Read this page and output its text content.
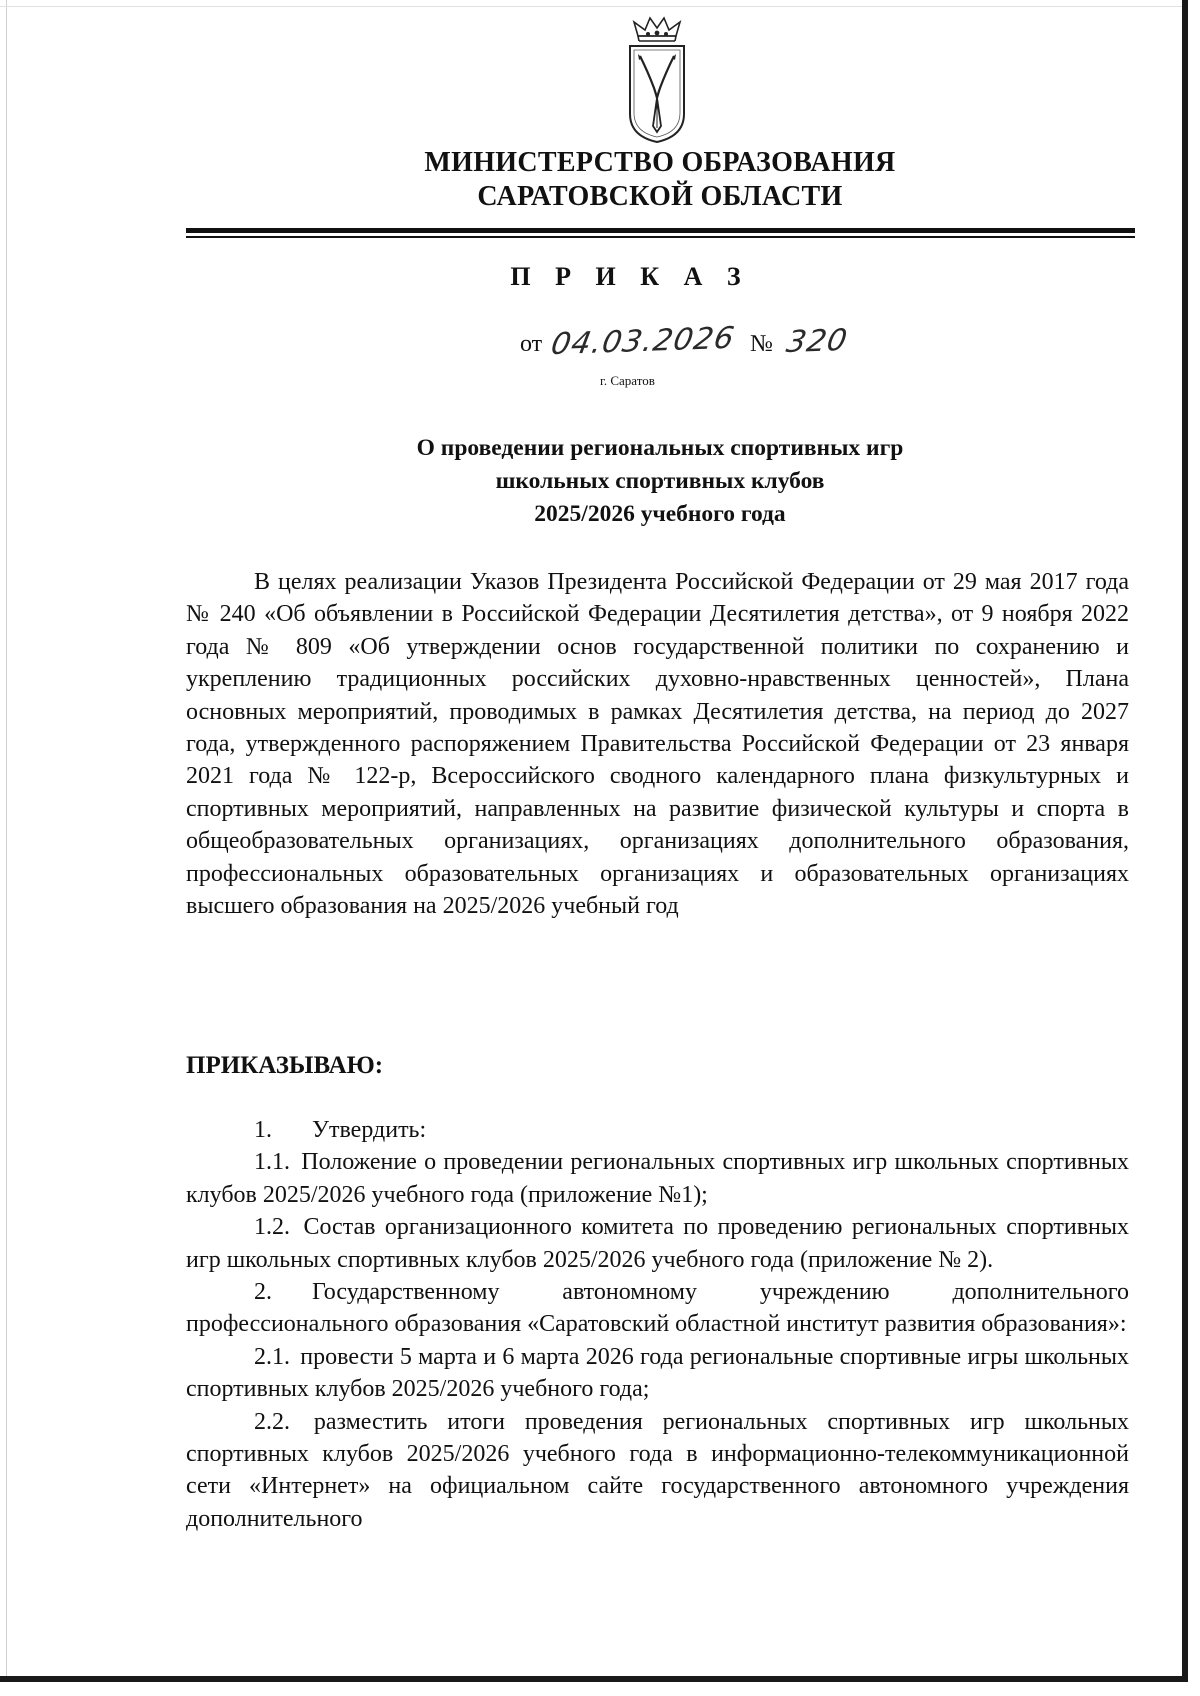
МИНИСТЕРСТВО ОБРАЗОВАНИЯ
САРАТОВСКОЙ ОБЛАСТИ
П Р И К А З
от 04.03.2026 № 320
г. Саратов
О проведении региональных спортивных игр
школьных спортивных клубов
2025/2026 учебного года

В целях реализации Указов Президента Российской Федерации от 29 мая 2017 года № 240 «Об объявлении в Российской Федерации Десятилетия детства», от 9 ноября 2022 года № 809 «Об утверждении основ государственной политики по сохранению и укреплению традиционных российских духовно-нравственных ценностей», Плана основных мероприятий, проводимых в рамках Десятилетия детства, на период до 2027 года, утвержденного распоряжением Правительства Российской Федерации от 23 января 2021 года № 122-р, Всероссийского сводного календарного плана физкультурных и спортивных мероприятий, направленных на развитие физической культуры и спорта в общеобразовательных организациях, организациях дополнительного образования, профессиональных образовательных организациях и образовательных организациях высшего образования на 2025/2026 учебный год

ПРИКАЗЫВАЮ:

1. Утвердить:

1.1. Положение о проведении региональных спортивных игр школьных спортивных клубов 2025/2026 учебного года (приложение №1);

1.2. Состав организационного комитета по проведению региональных спортивных игр школьных спортивных клубов 2025/2026 учебного года (приложение № 2).

2. Государственному автономному учреждению дополнительного профессионального образования «Саратовский областной институт развития образования»:

2.1. провести 5 марта и 6 марта 2026 года региональные спортивные игры школьных спортивных клубов 2025/2026 учебного года;

2.2. разместить итоги проведения региональных спортивных игр школьных спортивных клубов 2025/2026 учебного года в информационно-телекоммуникационной сети «Интернет» на официальном сайте государственного автономного учреждения дополнительного
